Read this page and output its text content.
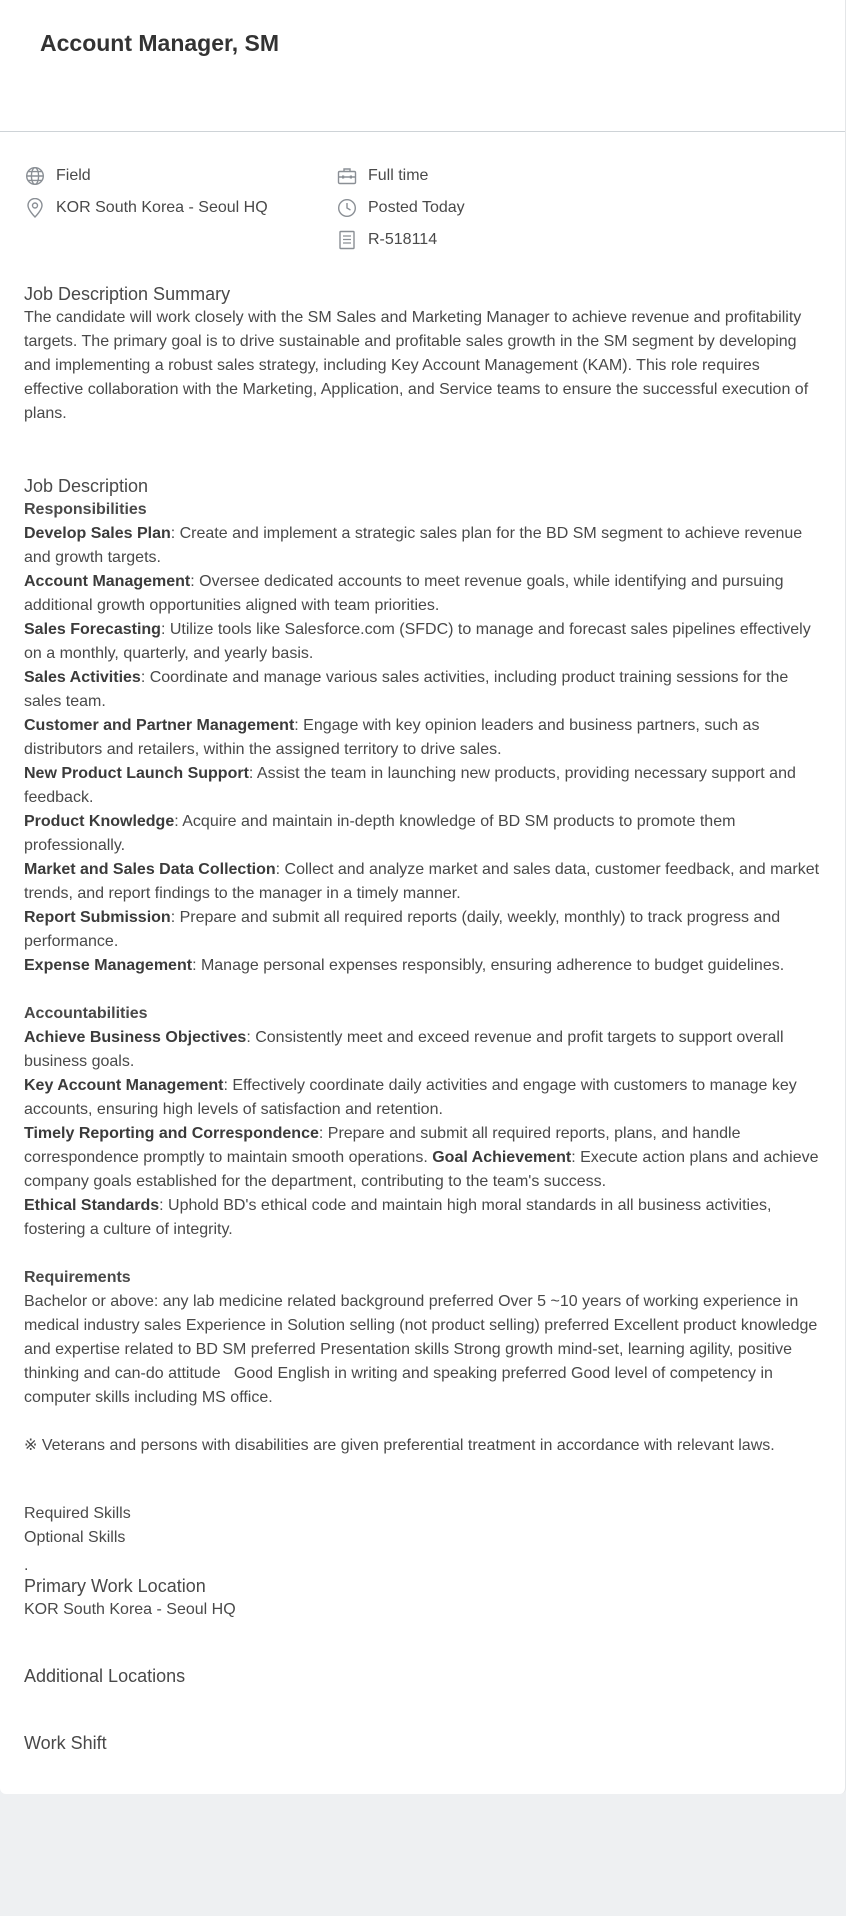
Account Manager, SM
Field
KOR South Korea - Seoul HQ
Full time
Posted Today
R-518114
Job Description Summary

The candidate will work closely with the SM Sales and Marketing Manager to achieve revenue and profitability targets. The primary goal is to drive sustainable and profitable sales growth in the SM segment by developing and implementing a robust sales strategy, including Key Account Management (KAM). This role requires effective collaboration with the Marketing, Application, and Service teams to ensure the successful execution of plans.

Job Description
Responsibilities

Develop Sales Plan: Create and implement a strategic sales plan for the BD SM segment to achieve revenue and growth targets.

Account Management: Oversee dedicated accounts to meet revenue goals, while identifying and pursuing additional growth opportunities aligned with team priorities.

Sales Forecasting: Utilize tools like Salesforce.com (SFDC) to manage and forecast sales pipelines effectively on a monthly, quarterly, and yearly basis.

Sales Activities: Coordinate and manage various sales activities, including product training sessions for the sales team.

Customer and Partner Management: Engage with key opinion leaders and business partners, such as distributors and retailers, within the assigned territory to drive sales.

New Product Launch Support: Assist the team in launching new products, providing necessary support and feedback.

Product Knowledge: Acquire and maintain in-depth knowledge of BD SM products to promote them professionally.

Market and Sales Data Collection: Collect and analyze market and sales data, customer feedback, and market trends, and report findings to the manager in a timely manner.

Report Submission: Prepare and submit all required reports (daily, weekly, monthly) to track progress and performance.

Expense Management: Manage personal expenses responsibly, ensuring adherence to budget guidelines.

Accountabilities

Achieve Business Objectives: Consistently meet and exceed revenue and profit targets to support overall business goals.

Key Account Management: Effectively coordinate daily activities and engage with customers to manage key accounts, ensuring high levels of satisfaction and retention.

Timely Reporting and Correspondence: Prepare and submit all required reports, plans, and handle correspondence promptly to maintain smooth operations. Goal Achievement: Execute action plans and achieve company goals established for the department, contributing to the team's success.

Ethical Standards: Uphold BD's ethical code and maintain high moral standards in all business activities, fostering a culture of integrity.

Requirements

Bachelor or above: any lab medicine related background preferred Over 5 ~10 years of working experience in medical industry sales Experience in Solution selling (not product selling) preferred Excellent product knowledge and expertise related to BD SM preferred Presentation skills Strong growth mind-set, learning agility, positive thinking and can-do attitude   Good English in writing and speaking preferred Good level of competency in computer skills including MS office.

※ Veterans and persons with disabilities are given preferential treatment in accordance with relevant laws.

Required Skills

Optional Skills

.

Primary Work Location

KOR South Korea - Seoul HQ

Additional Locations
Work Shift
